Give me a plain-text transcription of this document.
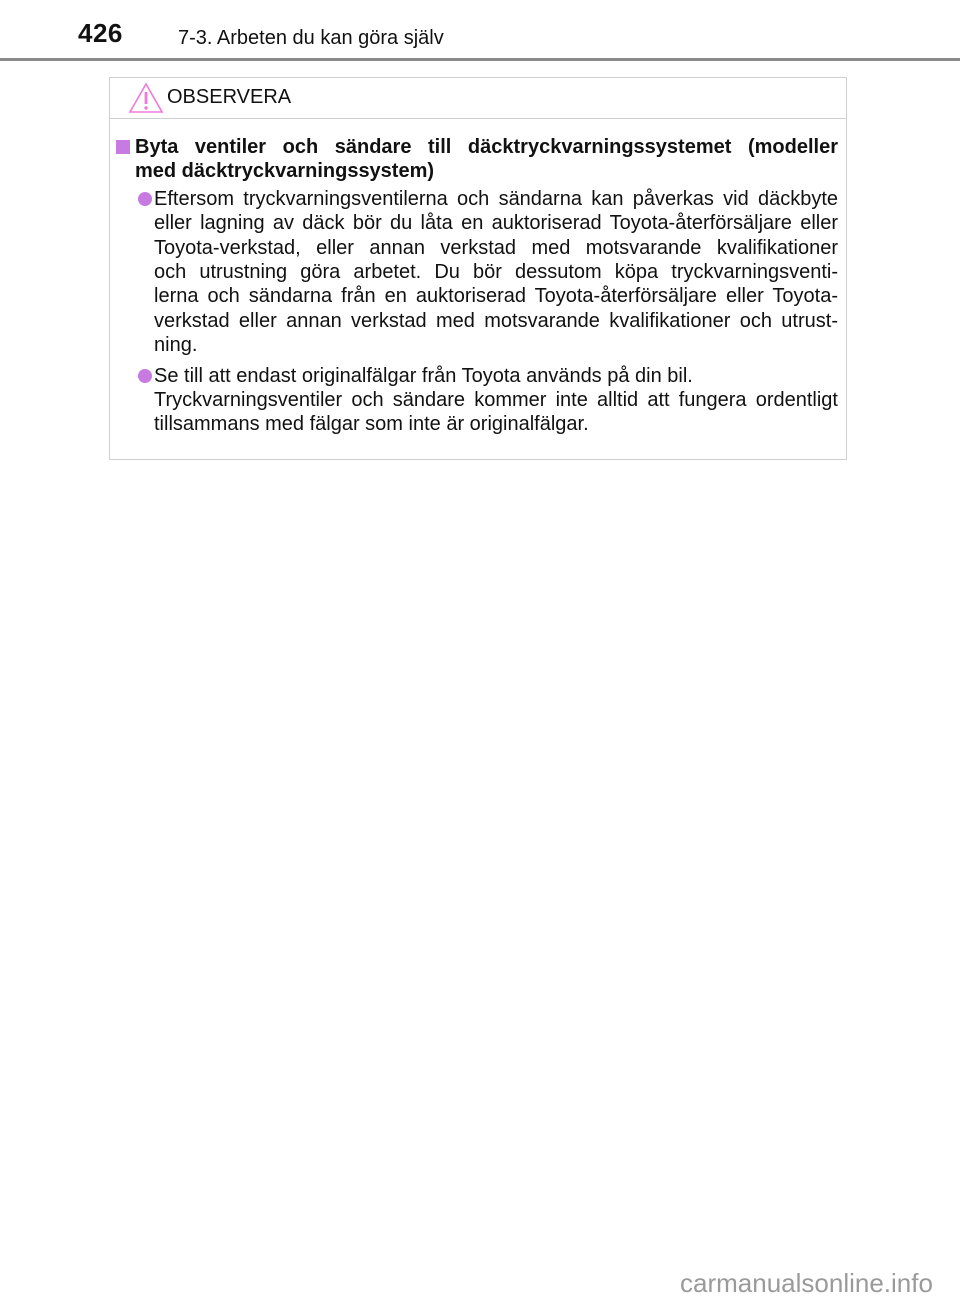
426	7-3. Arbeten du kan göra själv
OBSERVERA
Byta ventiler och sändare till däcktryckvarningssystemet (modeller
med däcktryckvarningssystem)
Eftersom tryckvarningsventilerna och sändarna kan påverkas vid däckbyte
eller lagning av däck bör du låta en auktoriserad Toyota-återförsäljare eller
Toyota-verkstad, eller annan verkstad med motsvarande kvalifikationer
och utrustning göra arbetet. Du bör dessutom köpa tryckvarningsventi-
lerna och sändarna från en auktoriserad Toyota-återförsäljare eller Toyota-
verkstad eller annan verkstad med motsvarande kvalifikationer och utrust-
ning.
Se till att endast originalfälgar från Toyota används på din bil.
Tryckvarningsventiler och sändare kommer inte alltid att fungera ordentligt
tillsammans med fälgar som inte är originalfälgar.
carmanualsonline.info
